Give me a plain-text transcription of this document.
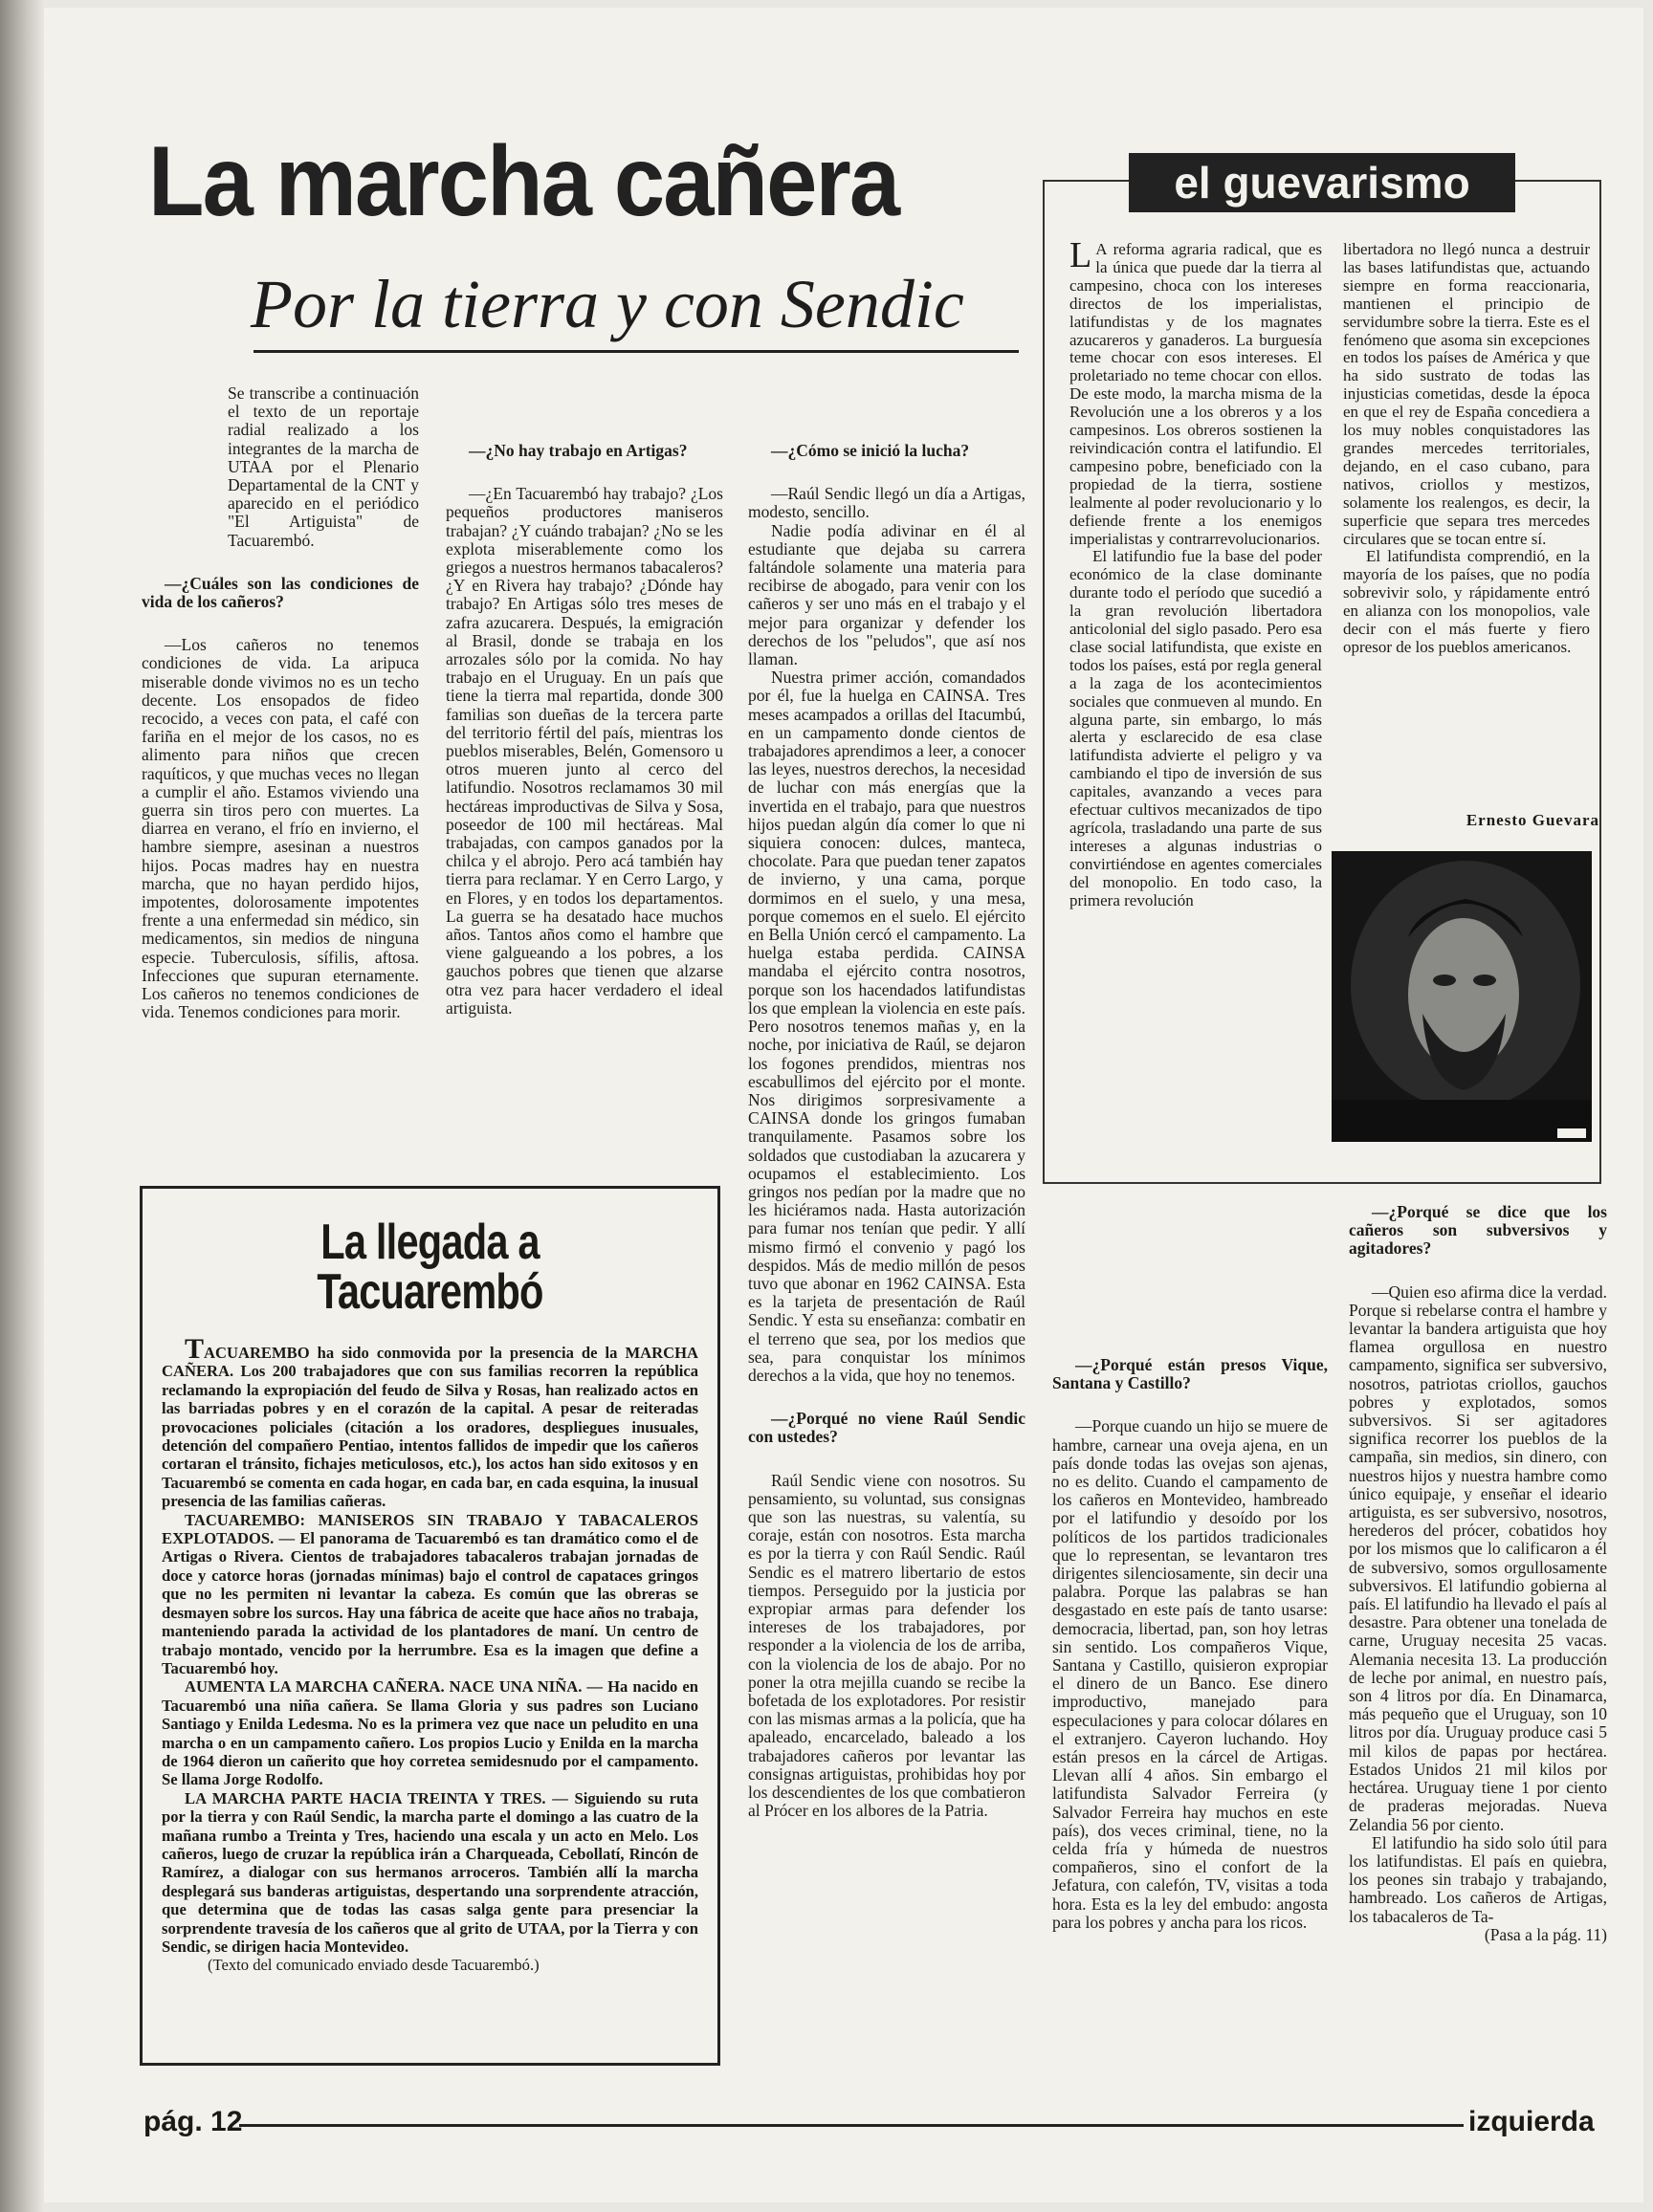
La marcha cañera
Por la tierra y con Sendic

Se transcribe a continuación el texto de un reportaje radial realizado a los integrantes de la marcha de UTAA por el Plenario Departamental de la CNT y aparecido en el periódico "El Artiguista" de Tacuarembó.

—¿Cuáles son las condiciones de vida de los cañeros?

—Los cañeros no tenemos condiciones de vida. La aripuca miserable donde vivimos no es un techo decente. Los ensopados de fideo recocido, a veces con pata, el café con fariña en el mejor de los casos, no es alimento para niños que crecen raquíticos, y que muchas veces no llegan a cumplir el año. Estamos viviendo una guerra sin tiros pero con muertes. La diarrea en verano, el frío en invierno, el hambre siempre, asesinan a nuestros hijos. Pocas madres hay en nuestra marcha, que no hayan perdido hijos, impotentes, dolorosamente impotentes frente a una enfermedad sin médico, sin medicamentos, sin medios de ninguna especie. Tuberculosis, sífilis, aftosa. Infecciones que supuran eternamente. Los cañeros no tenemos condiciones de vida. Tenemos condiciones para morir.

—¿No hay trabajo en Artigas?

—¿En Tacuarembó hay trabajo? ¿Los pequeños productores maniseros trabajan? ¿Y cuándo trabajan? ¿No se les explota miserablemente como los griegos a nuestros hermanos tabacaleros? ¿Y en Rivera hay trabajo? ¿Dónde hay trabajo? En Artigas sólo tres meses de zafra azucarera. Después, la emigración al Brasil, donde se trabaja en los arrozales sólo por la comida. No hay trabajo en el Uruguay. En un país que tiene la tierra mal repartida, donde 300 familias son dueñas de la tercera parte del territorio fértil del país, mientras los pueblos miserables, Belén, Gomensoro u otros mueren junto al cerco del latifundio. Nosotros reclamamos 30 mil hectáreas improductivas de Silva y Sosa, poseedor de 100 mil hectáreas. Mal trabajadas, con campos ganados por la chilca y el abrojo. Pero acá también hay tierra para reclamar. Y en Cerro Largo, y en Flores, y en todos los departamentos. La guerra se ha desatado hace muchos años. Tantos años como el hambre que viene galgueando a los pobres, a los gauchos pobres que tienen que alzarse otra vez para hacer verdadero el ideal artiguista.

—¿Cómo se inició la lucha?

—Raúl Sendic llegó un día a Artigas, modesto, sencillo.

Nadie podía adivinar en él al estudiante que dejaba su carrera faltándole solamente una materia para recibirse de abogado, para venir con los cañeros y ser uno más en el trabajo y el mejor para organizar y defender los derechos de los "peludos", que así nos llaman.

Nuestra primer acción, comandados por él, fue la huelga en CAINSA. Tres meses acampados a orillas del Itacumbú, en un campamento donde cientos de trabajadores aprendimos a leer, a conocer las leyes, nuestros derechos, la necesidad de luchar con más energías que la invertida en el trabajo, para que nuestros hijos puedan algún día comer lo que ni siquiera conocen: dulces, manteca, chocolate. Para que puedan tener zapatos de invierno, y una cama, porque dormimos en el suelo, y una mesa, porque comemos en el suelo. El ejército en Bella Unión cercó el campamento. La huelga estaba perdida. CAINSA mandaba el ejército contra nosotros, porque son los hacendados latifundistas los que emplean la violencia en este país. Pero nosotros tenemos mañas y, en la noche, por iniciativa de Raúl, se dejaron los fogones prendidos, mientras nos escabullimos del ejército por el monte. Nos dirigimos sorpresivamente a CAINSA donde los gringos fumaban tranquilamente. Pasamos sobre los soldados que custodiaban la azucarera y ocupamos el establecimiento. Los gringos nos pedían por la madre que no les hiciéramos nada. Hasta autorización para fumar nos tenían que pedir. Y allí mismo firmó el convenio y pagó los despidos. Más de medio millón de pesos tuvo que abonar en 1962 CAINSA. Esta es la tarjeta de presentación de Raúl Sendic. Y esta su enseñanza: combatir en el terreno que sea, por los medios que sea, para conquistar los mínimos derechos a la vida, que hoy no tenemos.

—¿Porqué no viene Raúl Sendic con ustedes?

Raúl Sendic viene con nosotros. Su pensamiento, su voluntad, sus consignas que son las nuestras, su valentía, su coraje, están con nosotros. Esta marcha es por la tierra y con Raúl Sendic. Raúl Sendic es el matrero libertario de estos tiempos. Perseguido por la justicia por expropiar armas para defender los intereses de los trabajadores, por responder a la violencia de los de arriba, con la violencia de los de abajo. Por no poner la otra mejilla cuando se recibe la bofetada de los explotadores. Por resistir con las mismas armas a la policía, que ha apaleado, encarcelado, baleado a los trabajadores cañeros por levantar las consignas artiguistas, prohibidas hoy por los descendientes de los que combatieron al Prócer en los albores de la Patria.

—¿Porqué están presos Vique, Santana y Castillo?

—Porque cuando un hijo se muere de hambre, carnear una oveja ajena, en un país donde todas las ovejas son ajenas, no es delito. Cuando el campamento de los cañeros en Montevideo, hambreado por el latifundio y desoído por los políticos de los partidos tradicionales que lo representan, se levantaron tres dirigentes silenciosamente, sin decir una palabra. Porque las palabras se han desgastado en este país de tanto usarse: democracia, libertad, pan, son hoy letras sin sentido. Los compañeros Vique, Santana y Castillo, quisieron expropiar el dinero de un Banco. Ese dinero improductivo, manejado para especulaciones y para colocar dólares en el extranjero. Cayeron luchando. Hoy están presos en la cárcel de Artigas. Llevan allí 4 años. Sin embargo el latifundista Salvador Ferreira (y Salvador Ferreira hay muchos en este país), dos veces criminal, tiene, no la celda fría y húmeda de nuestros compañeros, sino el confort de la Jefatura, con calefón, TV, visitas a toda hora. Esta es la ley del embudo: angosta para los pobres y ancha para los ricos.

—¿Porqué se dice que los cañeros son subversivos y agitadores?

—Quien eso afirma dice la verdad. Porque si rebelarse contra el hambre y levantar la bandera artiguista que hoy flamea orgullosa en nuestro campamento, significa ser subversivo, nosotros, patriotas criollos, gauchos pobres y explotados, somos subversivos. Si ser agitadores significa recorrer los pueblos de la campaña, sin medios, sin dinero, con nuestros hijos y nuestra hambre como único equipaje, y enseñar el ideario artiguista, es ser subversivo, nosotros, herederos del prócer, cobatidos hoy por los mismos que lo calificaron a él de subversivo, somos orgullosamente subversivos. El latifundio gobierna al país. El latifundio ha llevado el país al desastre. Para obtener una tonelada de carne, Uruguay necesita 25 vacas. Alemania necesita 13. La producción de leche por animal, en nuestro país, son 4 litros por día. En Dinamarca, más pequeño que el Uruguay, son 10 litros por día. Uruguay produce casi 5 mil kilos de papas por hectárea. Estados Unidos 21 mil kilos por hectárea. Uruguay tiene 1 por ciento de praderas mejoradas. Nueva Zelandia 56 por ciento.

El latifundio ha sido solo útil para los latifundistas. El país en quiebra, los peones sin trabajo y trabajando, hambreado. Los cañeros de Artigas, los tabacaleros de Ta-

(Pasa a la pág. 11)

La llegada a Tacuarembó

TACUAREMBO ha sido conmovida por la presencia de la MARCHA CAÑERA. Los 200 trabajadores que con sus familias recorren la república reclamando la expropiación del feudo de Silva y Rosas, han realizado actos en las barriadas pobres y en el corazón de la capital. A pesar de reiteradas provocaciones policiales (citación a los oradores, despliegues inusuales, detención del compañero Pentiao, intentos fallidos de impedir que los cañeros cortaran el tránsito, fichajes meticulosos, etc.), los actos han sido exitosos y en Tacuarembó se comenta en cada hogar, en cada bar, en cada esquina, la inusual presencia de las familias cañeras.

TACUAREMBO: MANISEROS SIN TRABAJO Y TABACALEROS EXPLOTADOS. — El panorama de Tacuarembó es tan dramático como el de Artigas o Rivera. Cientos de trabajadores tabacaleros trabajan jornadas de doce y catorce horas (jornadas mínimas) bajo el control de capataces gringos que no les permiten ni levantar la cabeza. Es común que las obreras se desmayen sobre los surcos. Hay una fábrica de aceite que hace años no trabaja, manteniendo parada la actividad de los plantadores de maní. Un centro de trabajo montado, vencido por la herrumbre. Esa es la imagen que define a Tacuarembó hoy.

AUMENTA LA MARCHA CAÑERA. NACE UNA NIÑA. — Ha nacido en Tacuarembó una niña cañera. Se llama Gloria y sus padres son Luciano Santiago y Enilda Ledesma. No es la primera vez que nace un peludito en una marcha o en un campamento cañero. Los propios Lucio y Enilda en la marcha de 1964 dieron un cañerito que hoy corretea semidesnudo por el campamento. Se llama Jorge Rodolfo.

LA MARCHA PARTE HACIA TREINTA Y TRES. — Siguiendo su ruta por la tierra y con Raúl Sendic, la marcha parte el domingo a las cuatro de la mañana rumbo a Treinta y Tres, haciendo una escala y un acto en Melo. Los cañeros, luego de cruzar la república irán a Charqueada, Cebollatí, Rincón de Ramírez, a dialogar con sus hermanos arroceros. También allí la marcha desplegará sus banderas artiguistas, despertando una sorprendente atracción, que determina que de todas las casas salga gente para presenciar la sorprendente travesía de los cañeros que al grito de UTAA, por la Tierra y con Sendic, se dirigen hacia Montevideo.

(Texto del comunicado enviado desde Tacuarembó.)

el guevarismo

L A reforma agraria radical, que es la única que puede dar la tierra al campesino, choca con los intereses directos de los imperialistas, latifundistas y de los magnates azucareros y ganaderos. La burguesía teme chocar con esos intereses. El proletariado no teme chocar con ellos. De este modo, la marcha misma de la Revolución une a los obreros y a los campesinos. Los obreros sostienen la reivindicación contra el latifundio. El campesino pobre, beneficiado con la propiedad de la tierra, sostiene lealmente al poder revolucionario y lo defiende frente a los enemigos imperialistas y contrarrevolucionarios.

El latifundio fue la base del poder económico de la clase dominante durante todo el período que sucedió a la gran revolución libertadora anticolonial del siglo pasado. Pero esa clase social latifundista, que existe en todos los países, está por regla general a la zaga de los acontecimientos sociales que conmueven al mundo. En alguna parte, sin embargo, lo más alerta y esclarecido de esa clase latifundista advierte el peligro y va cambiando el tipo de inversión de sus capitales, avanzando a veces para efectuar cultivos mecanizados de tipo agrícola, trasladando una parte de sus intereses a algunas industrias o convirtiéndose en agentes comerciales del monopolio. En todo caso, la primera revolución

libertadora no llegó nunca a destruir las bases latifundistas que, actuando siempre en forma reaccionaria, mantienen el principio de servidumbre sobre la tierra. Este es el fenómeno que asoma sin excepciones en todos los países de América y que ha sido sustrato de todas las injusticias cometidas, desde la época en que el rey de España concediera a los muy nobles conquistadores las grandes mercedes territoriales, dejando, en el caso cubano, para nativos, criollos y mestizos, solamente los realengos, es decir, la superficie que separa tres mercedes circulares que se tocan entre sí.

El latifundista comprendió, en la mayoría de los países, que no podía sobrevivir solo, y rápidamente entró en alianza con los monopolios, vale decir con el más fuerte y fiero opresor de los pueblos americanos.

Ernesto Guevara
pág. 12	izquierda
